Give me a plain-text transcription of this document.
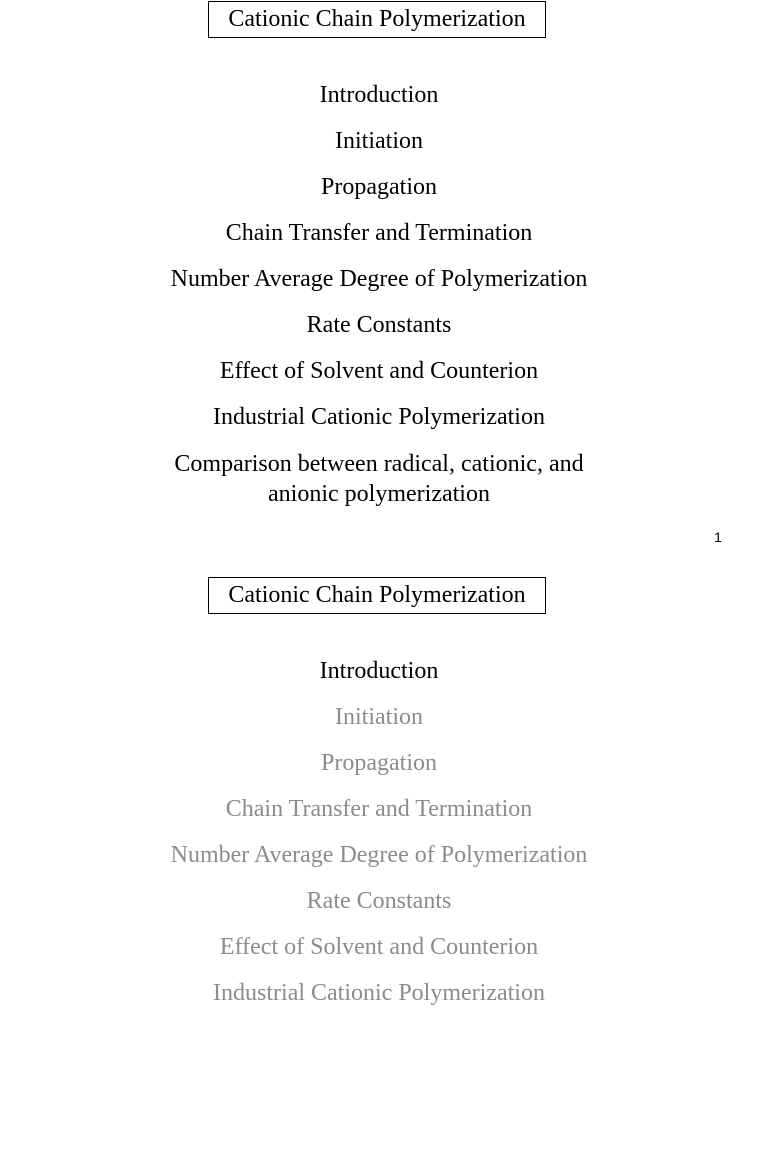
Cationic Chain Polymerization
Introduction
Initiation
Propagation
Chain Transfer and Termination
Number Average Degree of Polymerization
Rate Constants
Effect of Solvent and Counterion
Industrial Cationic Polymerization
Comparison between radical, cationic, and anionic polymerization
1
Cationic Chain Polymerization
Introduction
Initiation
Propagation
Chain Transfer and Termination
Number Average Degree of Polymerization
Rate Constants
Effect of Solvent and Counterion
Industrial Cationic Polymerization
